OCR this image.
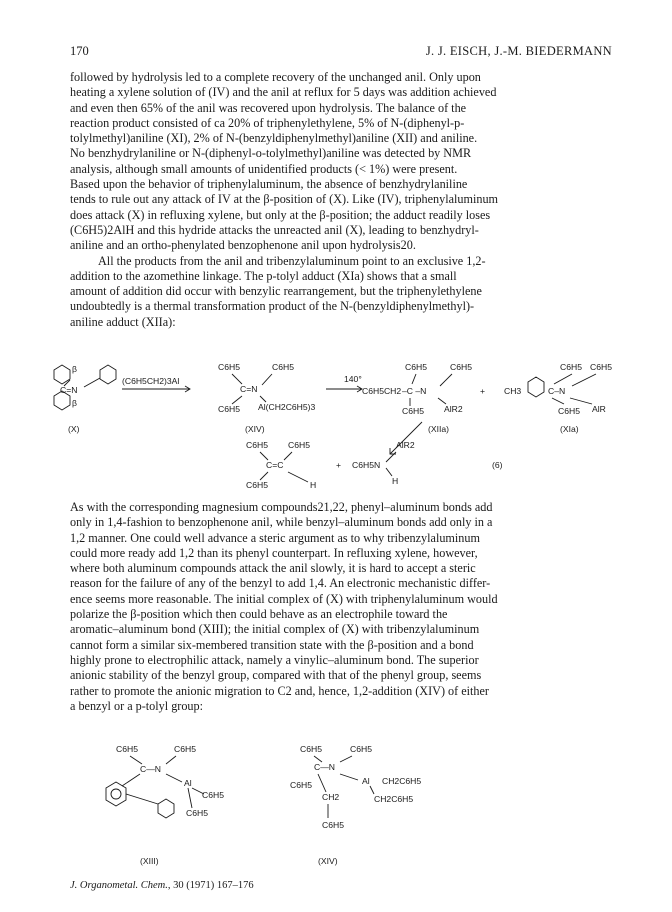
170	J. J. EISCH, J.-M. BIEDERMANN
followed by hydrolysis led to a complete recovery of the unchanged anil. Only upon
heating a xylene solution of (IV) and the anil at reflux for 5 days was addition achieved
and even then 65% of the anil was recovered upon hydrolysis. The balance of the
reaction product consisted of ca 20% of triphenylethylene, 5% of N-(diphenyl-p-
tolylmethyl)aniline (XI), 2% of N-(benzyldiphenylmethyl)aniline (XII) and aniline.
No benzhydrylaniline or N-(diphenyl-o-tolylmethyl)aniline was detected by NMR
analysis, although small amounts of unidentified products (< 1%) were present.
Based upon the behavior of triphenylaluminum, the absence of benzhydrylaniline
tends to rule out any attack of IV at the β-position of (X). Like (IV), triphenylaluminum
does attack (X) in refluxing xylene, but only at the β-position; the adduct readily loses
(C6H5)2AlH and this hydride attacks the unreacted anil (X), leading to benzhydryl-
aniline and an ortho-phenylated benzophenone anil upon hydrolysis20.
All the products from the anil and tribenzylaluminum point to an exclusive 1,2-
addition to the azomethine linkage. The p-tolyl adduct (XIa) shows that a small
amount of addition did occur with benzylic rearrangement, but the triphenylethylene
undoubtedly is a thermal transformation product of the N-(benzyldiphenylmethyl)-
aniline adduct (XIIa):
β
β
C=N
(X)
(C6H5CH2)3Al
C6H5	C6H5
C=N
C6H5 Al(CH2C6H5)3
(XIV)
140°
C6H5	C6H5
C6H5CH2 –C –N
C6H5 AlR2
(XIIa)
+ CH3	C–N
C6H5 C6H5
C6H5 AlR
(XIa)
C6H5 C6H5
C=C
C6H5	H
+ C6H5N
AlR2
H
(6)
As with the corresponding magnesium compounds21,22, phenyl–aluminum bonds add
only in 1,4-fashion to benzophenone anil, while benzyl–aluminum bonds add only in a
1,2 manner. One could well advance a steric argument as to why tribenzylaluminum
could more ready add 1,2 than its phenyl counterpart. In refluxing xylene, however,
where both aluminum compounds attack the anil slowly, it is hard to accept a steric
reason for the failure of any of the benzyl to add 1,4. An electronic mechanistic differ-
ence seems more reasonable. The initial complex of (X) with triphenylaluminum would
polarize the β-position which then could behave as an electrophile toward the
aromatic–aluminum bond (XIII); the initial complex of (X) with tribenzylaluminum
cannot form a similar six-membered transition state with the β-position and a bond
highly prone to electrophilic attack, namely a vinylic–aluminum bond. The superior
anionic stability of the benzyl group, compared with that of the phenyl group, seems
rather to promote the anionic migration to C2 and, hence, 1,2-addition (XIV) of either
a benzyl or a p-tolyl group:
C6H5	C6H5
C—N
Al
C6H5
C6H5
(XIII)
C6H5	C6H5
C—N
C6H5	Al CH2C6H5
CH2C6H5
CH2
C6H5
(XIV)
J. Organometal. Chem., 30 (1971) 167–176
